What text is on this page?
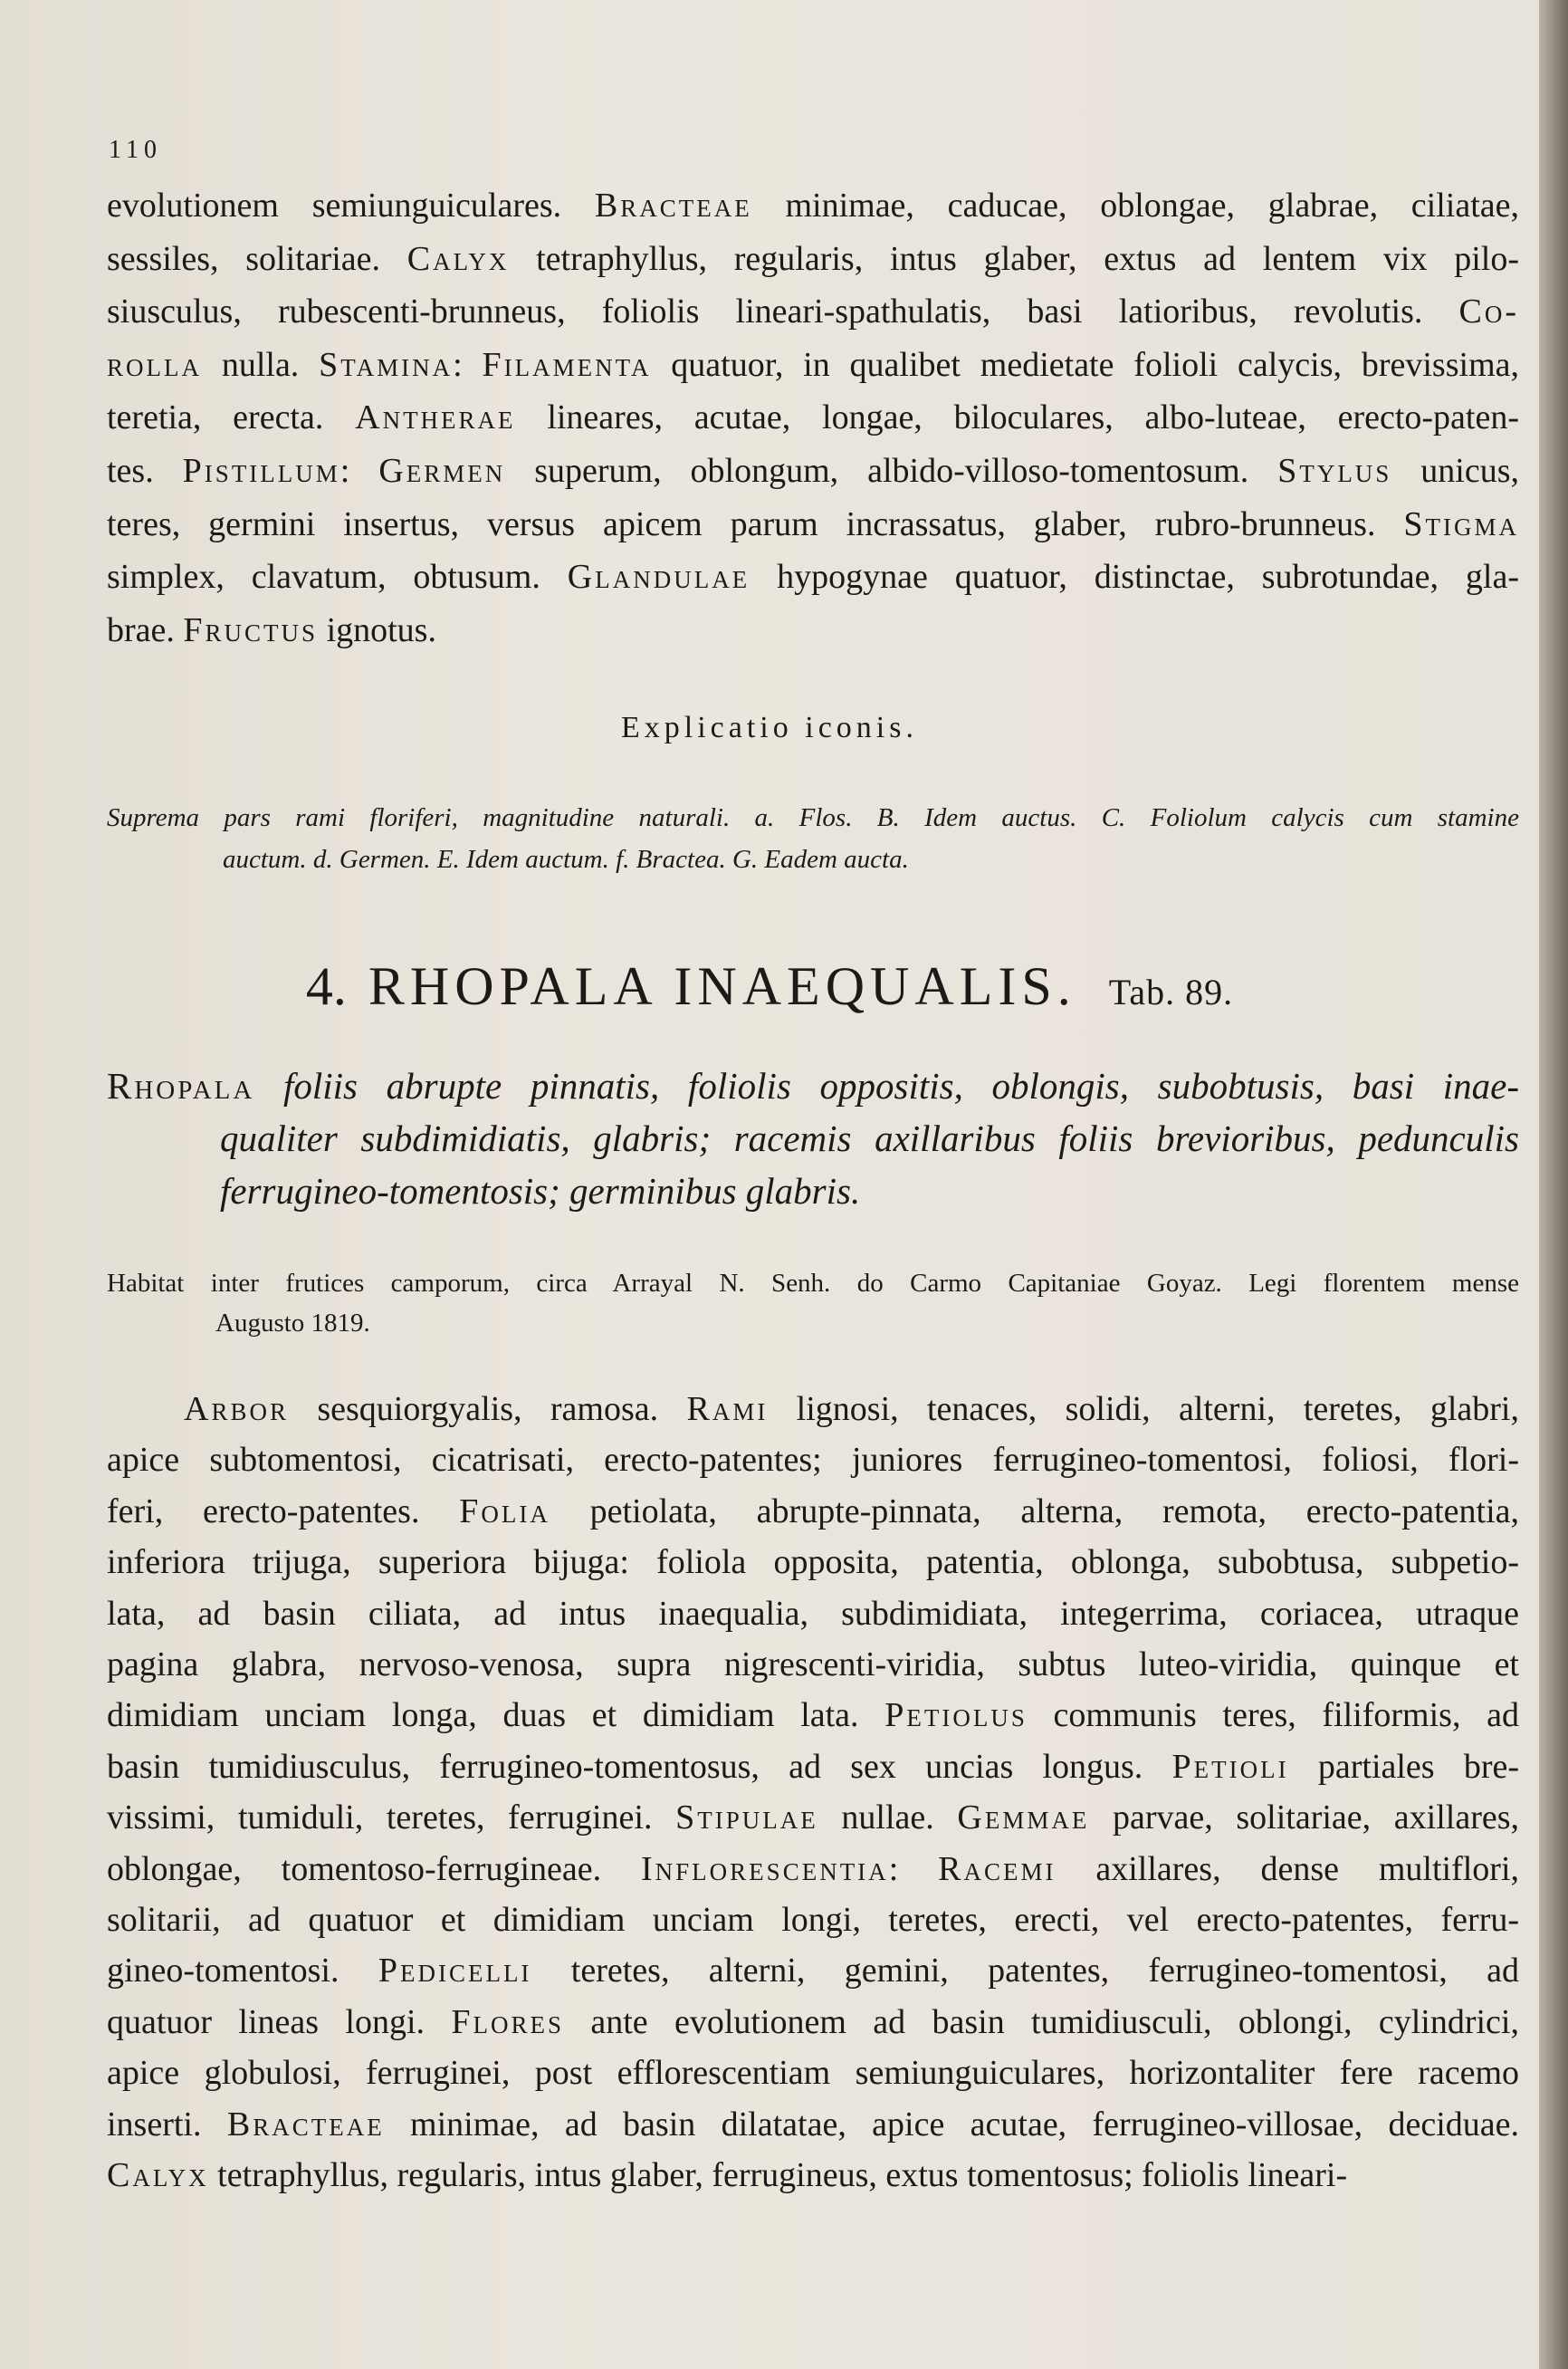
110
evolutionem semiunguiculares. Bracteae minimae, caducae, oblongae, glabrae, ciliatae,
sessiles, solitariae. Calyx tetraphyllus, regularis, intus glaber, extus ad lentem vix pilo-
siusculus, rubescenti-brunneus, foliolis lineari-spathulatis, basi latioribus, revolutis. Co-
rolla nulla. Stamina: Filamenta quatuor, in qualibet medietate folioli calycis, brevissima,
teretia, erecta. Antherae lineares, acutae, longae, biloculares, albo-luteae, erecto-paten-
tes. Pistillum: Germen superum, oblongum, albido-villoso-tomentosum. Stylus unicus,
teres, germini insertus, versus apicem parum incrassatus, glaber, rubro-brunneus. Stigma
simplex, clavatum, obtusum. Glandulae hypogynae quatuor, distinctae, subrotundae, gla-
brae. Fructus ignotus.
Explicatio iconis.
Suprema pars rami floriferi, magnitudine naturali. a. Flos. B. Idem auctus. C. Foliolum calycis cum stamine
auctum. d. Germen. E. Idem auctum. f. Bractea. G. Eadem aucta.
4. RHOPALA INAEQUALIS. Tab. 89.
Rhopala foliis abrupte pinnatis, foliolis oppositis, oblongis, subobtusis, basi inae-
qualiter subdimidiatis, glabris; racemis axillaribus foliis brevioribus, pedunculis
ferrugineo-tomentosis; germinibus glabris.
Habitat inter frutices camporum, circa Arrayal N. Senh. do Carmo Capitaniae Goyaz. Legi florentem mense
Augusto 1819.
Arbor sesquiorgyalis, ramosa. Rami lignosi, tenaces, solidi, alterni, teretes, glabri,
apice subtomentosi, cicatrisati, erecto-patentes; juniores ferrugineo-tomentosi, foliosi, flori-
feri, erecto-patentes. Folia petiolata, abrupte-pinnata, alterna, remota, erecto-patentia,
inferiora trijuga, superiora bijuga: foliola opposita, patentia, oblonga, subobtusa, subpetio-
lata, ad basin ciliata, ad intus inaequalia, subdimidiata, integerrima, coriacea, utraque
pagina glabra, nervoso-venosa, supra nigrescenti-viridia, subtus luteo-viridia, quinque et
dimidiam unciam longa, duas et dimidiam lata. Petiolus communis teres, filiformis, ad
basin tumidiusculus, ferrugineo-tomentosus, ad sex uncias longus. Petioli partiales bre-
vissimi, tumiduli, teretes, ferruginei. Stipulae nullae. Gemmae parvae, solitariae, axillares,
oblongae, tomentoso-ferrugineae. Inflorescentia: Racemi axillares, dense multiflori,
solitarii, ad quatuor et dimidiam unciam longi, teretes, erecti, vel erecto-patentes, ferru-
gineo-tomentosi. Pedicelli teretes, alterni, gemini, patentes, ferrugineo-tomentosi, ad
quatuor lineas longi. Flores ante evolutionem ad basin tumidiusculi, oblongi, cylindrici,
apice globulosi, ferruginei, post efflorescentiam semiunguiculares, horizontaliter fere racemo
inserti. Bracteae minimae, ad basin dilatatae, apice acutae, ferrugineo-villosae, deciduae.
Calyx tetraphyllus, regularis, intus glaber, ferrugineus, extus tomentosus; foliolis lineari-
